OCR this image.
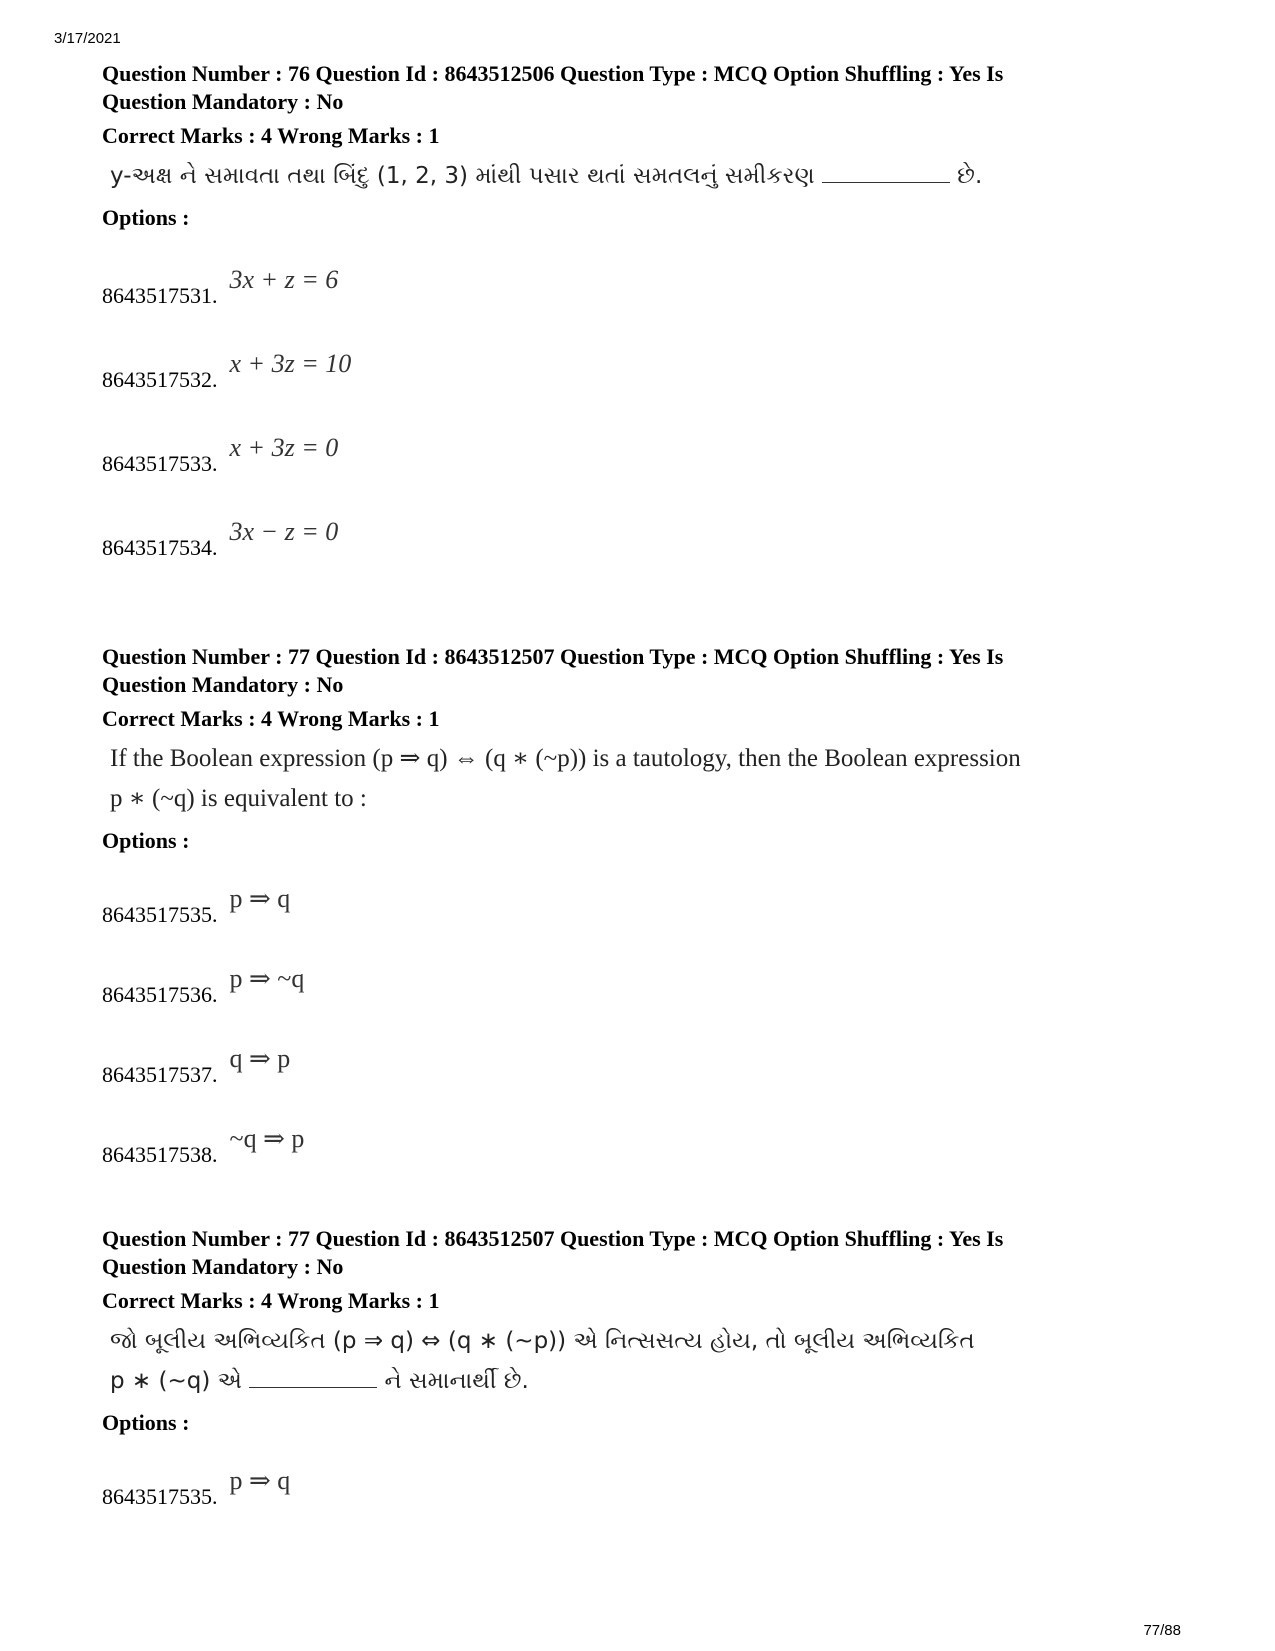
3/17/2021
Question Number : 76 Question Id : 8643512506 Question Type : MCQ Option Shuffling : Yes Is
Question Mandatory : No
Correct Marks : 4 Wrong Marks : 1
y-અક્ષ ને સમાવતા તથા બિંદુ (1, 2, 3) માંથી પસાર થતાં સમતલનું સમીકરણ	છે.
Options :
8643517531.
3x + z = 6
8643517532.
x + 3z = 10
8643517533.
x + 3z = 0
8643517534.
3x − z = 0
Question Number : 77 Question Id : 8643512507 Question Type : MCQ Option Shuffling : Yes Is
Question Mandatory : No
Correct Marks : 4 Wrong Marks : 1
If the Boolean expression (p ⇒ q) ⇔ (q ∗ (~p)) is a tautology, then the Boolean expression
p ∗ (~q) is equivalent to :
Options :
8643517535.
p ⇒ q
8643517536.
p ⇒ ~q
8643517537.
q ⇒ p
8643517538.
~q ⇒ p
Question Number : 77 Question Id : 8643512507 Question Type : MCQ Option Shuffling : Yes Is
Question Mandatory : No
Correct Marks : 4 Wrong Marks : 1
જો બૂલીય અભિવ્યકિત (p ⇒ q) ⇔ (q ∗ (~p)) એ નિત્સસત્ય હોય, તો બૂલીય અભિવ્યકિત
p ∗ (~q) એ	ને સમાનાર્થી છે.
Options :
8643517535.
p ⇒ q
77/88
